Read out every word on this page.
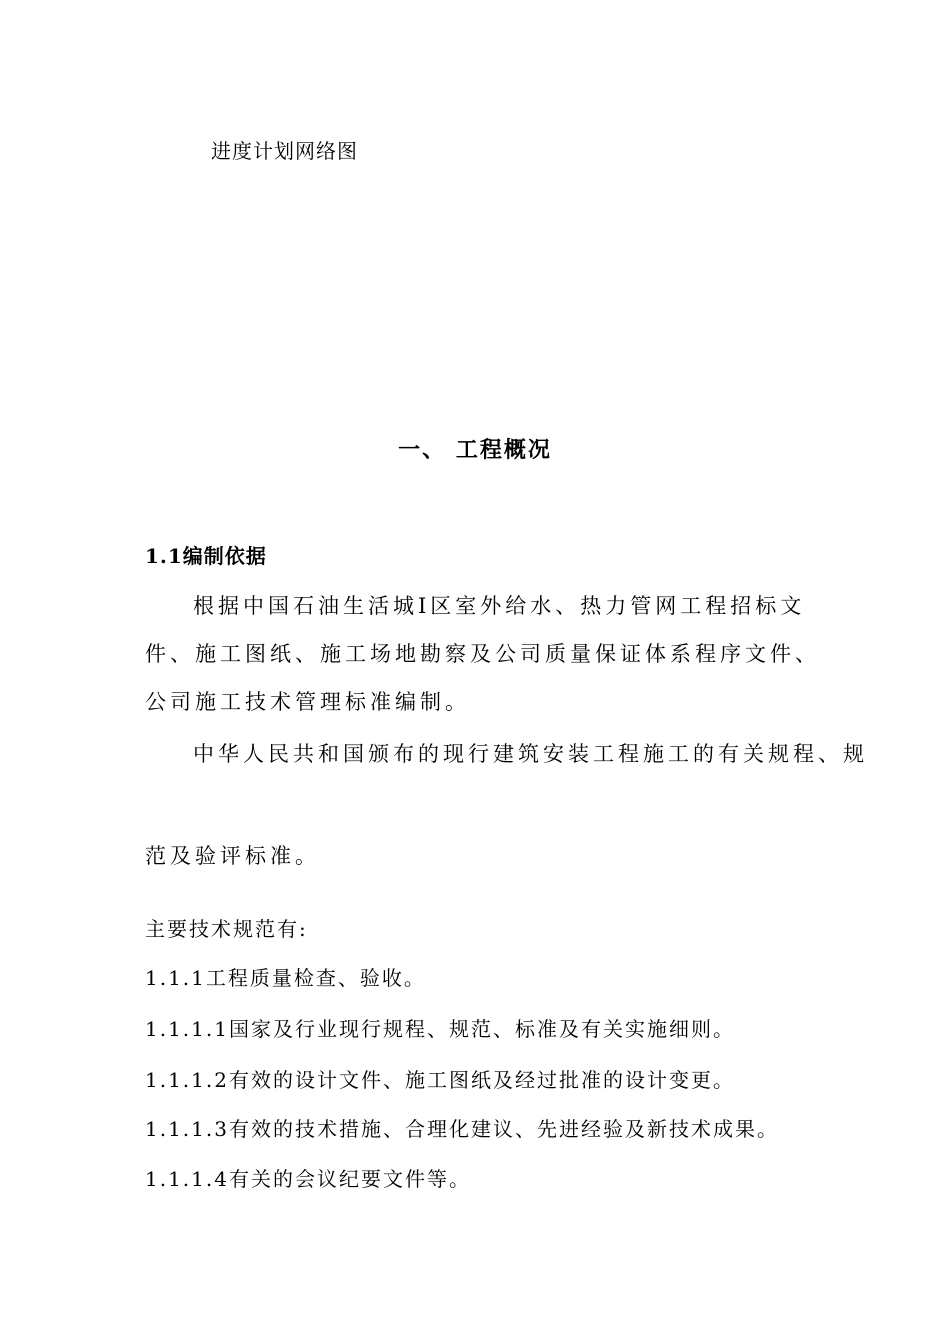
进度计划网络图
一、 工程概况
1.1编制依据
根据中国石油生活城Ⅰ区室外给水、热力管网工程招标文
件、施工图纸、施工场地勘察及公司质量保证体系程序文件、
公司施工技术管理标准编制。
中华人民共和国颁布的现行建筑安装工程施工的有关规程、规
范及验评标准。
主要技术规范有:
1.1.1工程质量检查、验收。
1.1.1.1国家及行业现行规程、规范、标准及有关实施细则。
1.1.1.2有效的设计文件、施工图纸及经过批准的设计变更。
1.1.1.3有效的技术措施、合理化建议、先进经验及新技术成果。
1.1.1.4有关的会议纪要文件等。
